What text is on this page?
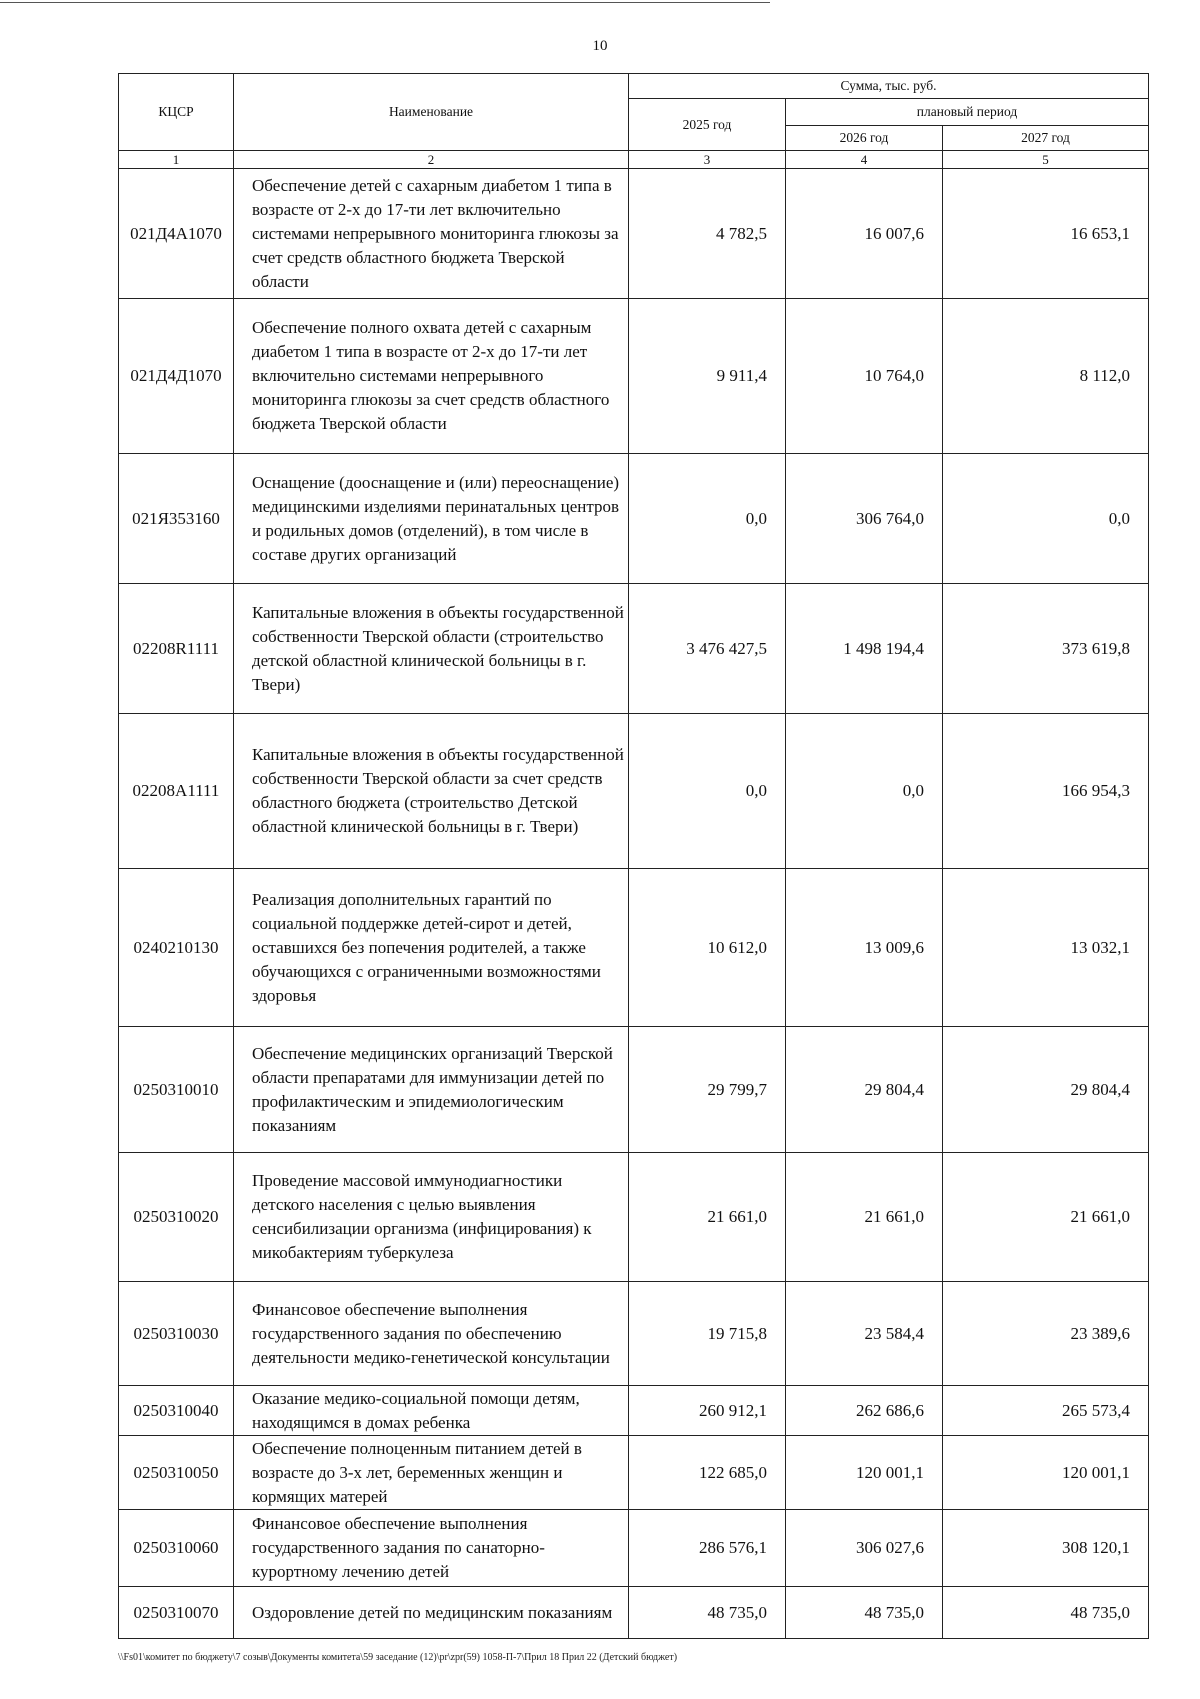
10
КЦСР	Наименование	Сумма, тыс. руб.		
		2025 год	плановый период	
			2026 год	2027 год
1	2	3	4	5
021Д4А1070	Обеспечение детей с сахарным диабетом 1 типа в возрасте от 2-х до 17-ти лет включительно системами непрерывного мониторинга глюкозы за счет средств областного бюджета Тверской области	4 782,5	16 007,6	16 653,1
021Д4Д1070	Обеспечение полного охвата детей с сахарным диабетом 1 типа в возрасте от 2-х до 17-ти лет включительно системами непрерывного мониторинга глюкозы за счет средств областного бюджета Тверской области	9 911,4	10 764,0	8 112,0
021Я353160	Оснащение (дооснащение и (или) переоснащение) медицинскими изделиями перинатальных центров и родильных домов (отделений), в том числе в составе других организаций	0,0	306 764,0	0,0
02208R1111	Капитальные вложения в объекты государственной собственности Тверской области (строительство детской областной клинической больницы в г. Твери)	3 476 427,5	1 498 194,4	373 619,8
02208А1111	Капитальные вложения в объекты государственной собственности Тверской области за счет средств областного бюджета (строительство Детской областной клинической больницы в г. Твери)	0,0	0,0	166 954,3
0240210130	Реализация дополнительных гарантий по социальной поддержке детей-сирот и детей, оставшихся без попечения родителей, а также обучающихся с ограниченными возможностями здоровья	10 612,0	13 009,6	13 032,1
0250310010	Обеспечение медицинских организаций Тверской области препаратами для иммунизации детей по профилактическим и эпидемиологическим показаниям	29 799,7	29 804,4	29 804,4
0250310020	Проведение массовой иммунодиагностики детского населения с целью выявления сенсибилизации организма (инфицирования) к микобактериям туберкулеза	21 661,0	21 661,0	21 661,0
0250310030	Финансовое обеспечение выполнения государственного задания по обеспечению деятельности медико-генетической консультации	19 715,8	23 584,4	23 389,6
0250310040	Оказание медико-социальной помощи детям, находящимся в домах ребенка	260 912,1	262 686,6	265 573,4
0250310050	Обеспечение полноценным питанием детей в возрасте до 3-х лет, беременных женщин и кормящих матерей	122 685,0	120 001,1	120 001,1
0250310060	Финансовое обеспечение выполнения государственного задания по санаторно-курортному лечению детей	286 576,1	306 027,6	308 120,1
0250310070	Оздоровление детей по медицинским показаниям	48 735,0	48 735,0	48 735,0
\\Fs01\комитет по бюджету\7 созыв\Документы комитета\59 заседание (12)\pr\zpr(59) 1058-П-7\Прил 18 Прил 22 (Детский бюджет)
